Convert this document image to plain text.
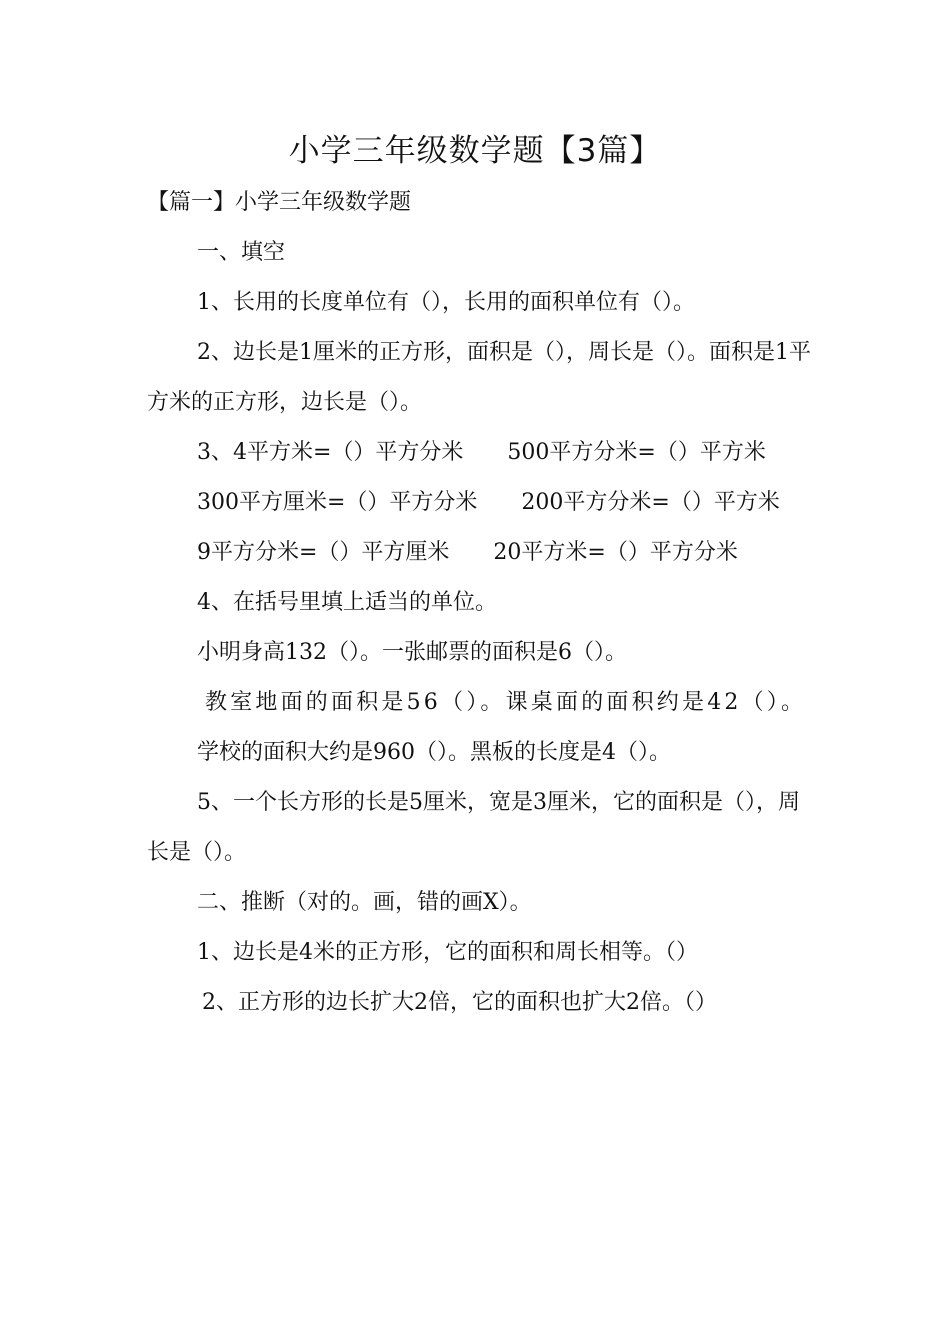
小学三年级数学题【3篇】

【篇一】小学三年级数学题

一、填空

1、长用的长度单位有（），长用的面积单位有（）。

2、边长是1厘米的正方形，面积是（），周长是（）。面积是1平方米的正方形，边长是（）。

3、4平方米=（）平方分米　　500平方分米=（）平方米

300平方厘米=（）平方分米　　200平方分米=（）平方米

9平方分米=（）平方厘米　　20平方米=（）平方分米

4、在括号里填上适当的单位。

小明身高132（）。一张邮票的面积是6（）。

教室地面的面积是56（）。课桌面的面积约是42（）。

学校的面积大约是960（）。黑板的长度是4（）。

5、一个长方形的长是5厘米，宽是3厘米，它的面积是（），周长是（）。

二、推断（对的。画，错的画X）。

1、边长是4米的正方形，它的面积和周长相等。（）

2、正方形的边长扩大2倍，它的面积也扩大2倍。（）
